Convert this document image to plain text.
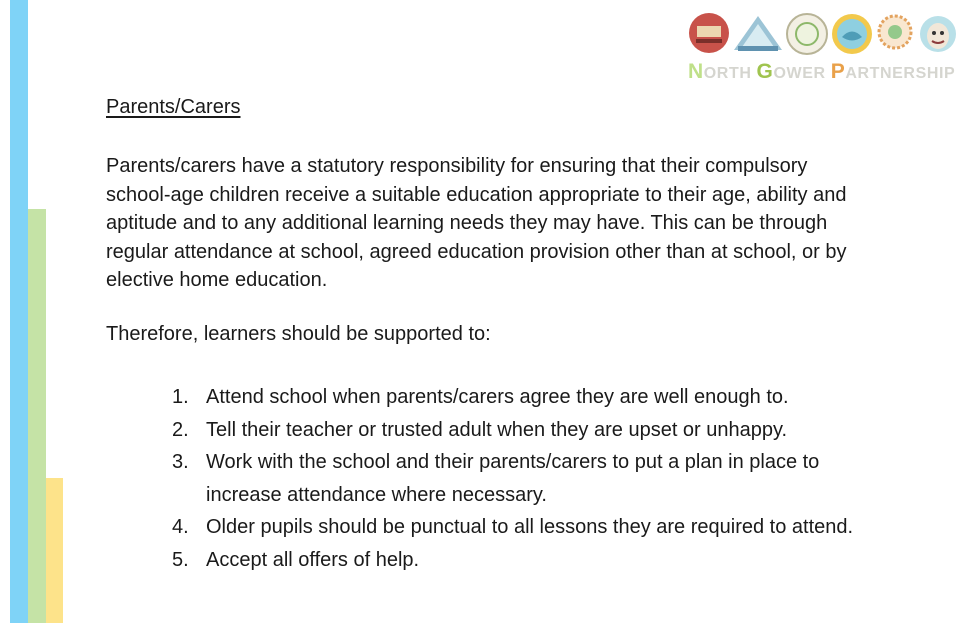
NORTH GOWER PARTNERSHIP
Parents/Carers
Parents/carers have a statutory responsibility for ensuring that their compulsory school-age children receive a suitable education appropriate to their age, ability and aptitude and to any additional learning needs they may have. This can be through regular attendance at school, agreed education provision other than at school, or by elective home education.
Therefore, learners should be supported to:
1. Attend school when parents/carers agree they are well enough to.
2. Tell their teacher or trusted adult when they are upset or unhappy.
3. Work with the school and their parents/carers to put a plan in place to increase attendance where necessary.
4. Older pupils should be punctual to all lessons they are required to attend.
5. Accept all offers of help.
